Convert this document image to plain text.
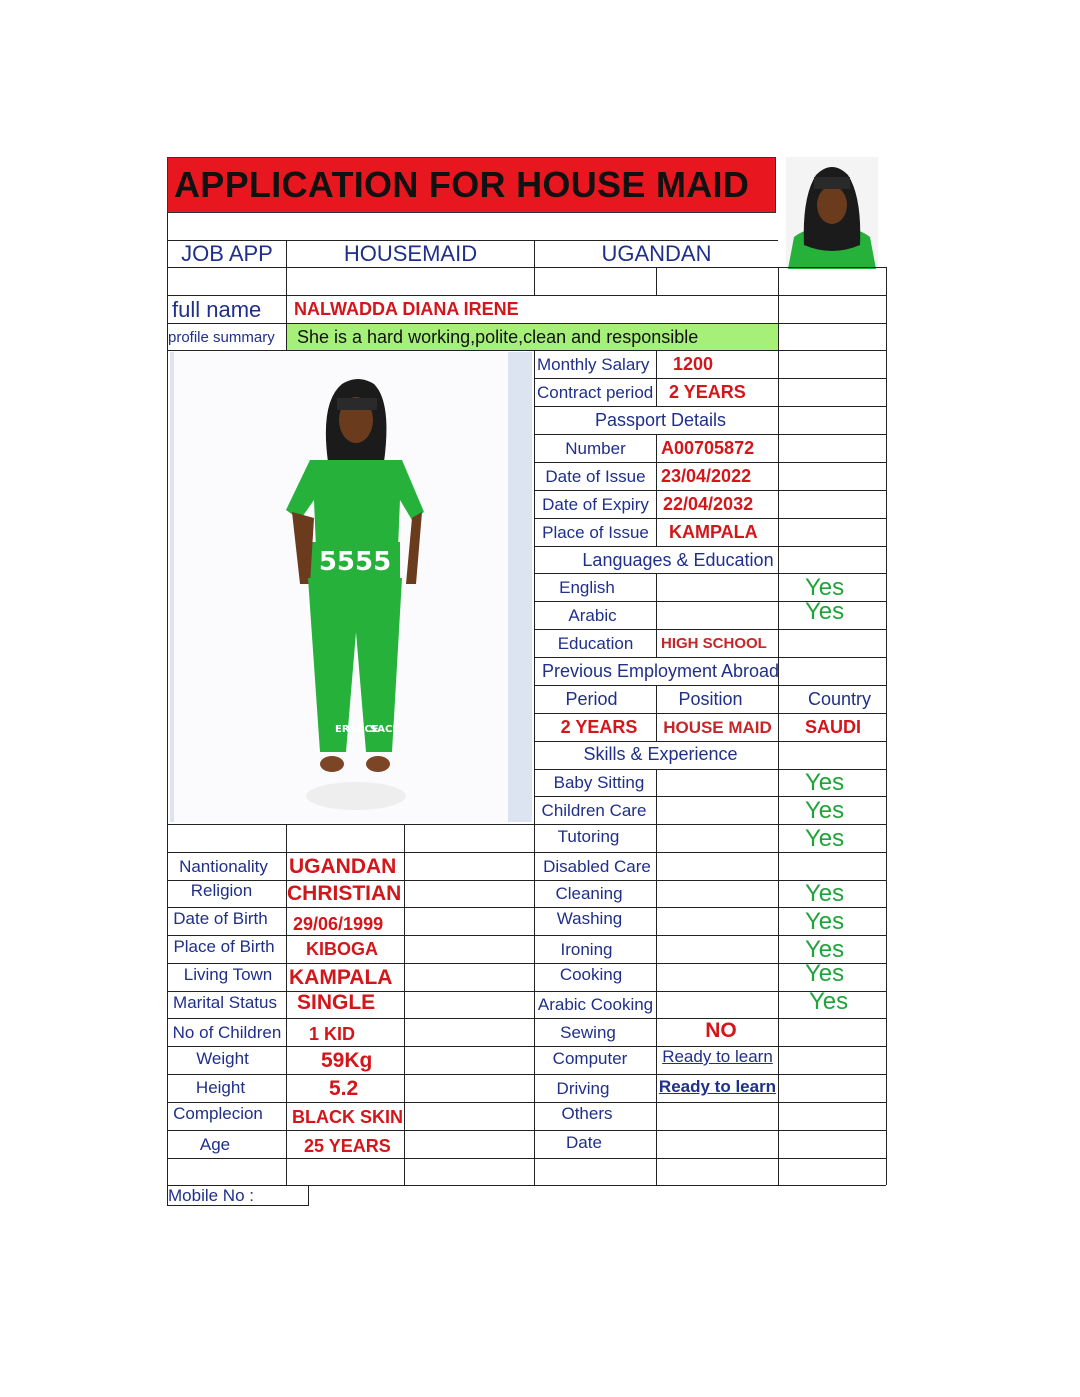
APPLICATION FOR HOUSE MAID
JOB APP	HOUSEMAID	UGANDAN
full name	NALWADDA DIANA IRENE
profile summary	She is a hard working,polite,clean and responsible
5555
ERSACE
SACE
Monthly Salary	1200
Contract period 2 YEARS
Passport Details
Number	A00705872
Date of Issue 23/04/2022
Date of Expiry 22/04/2032
Place of Issue	KAMPALA
Languages & Education
English	Yes
Arabic	Yes
Education	HIGH SCHOOL
Previous Employment Abroad
Period	Position	Country
2 YEARS	HOUSE MAID	SAUDI
Skills & Experience
Baby Sitting	Yes
Children Care	Yes
Tutoring	Yes
Disabled Care
Cleaning	Yes
Washing	Yes
Ironing	Yes
Cooking	Yes
Arabic Cooking	Yes
Sewing	NO
Computer	Ready to learn
Driving	Ready to learn
Others
Date
Nantionality	UGANDAN
Religion	CHRISTIAN
Date of Birth	29/06/1999
Place of Birth	KIBOGA
Living Town KAMPALA
Marital Status SINGLE
No of Children	1 KID
Weight	59Kg
Height	5.2
Complecion BLACK SKIN
Age	25 YEARS
Mobile No :
